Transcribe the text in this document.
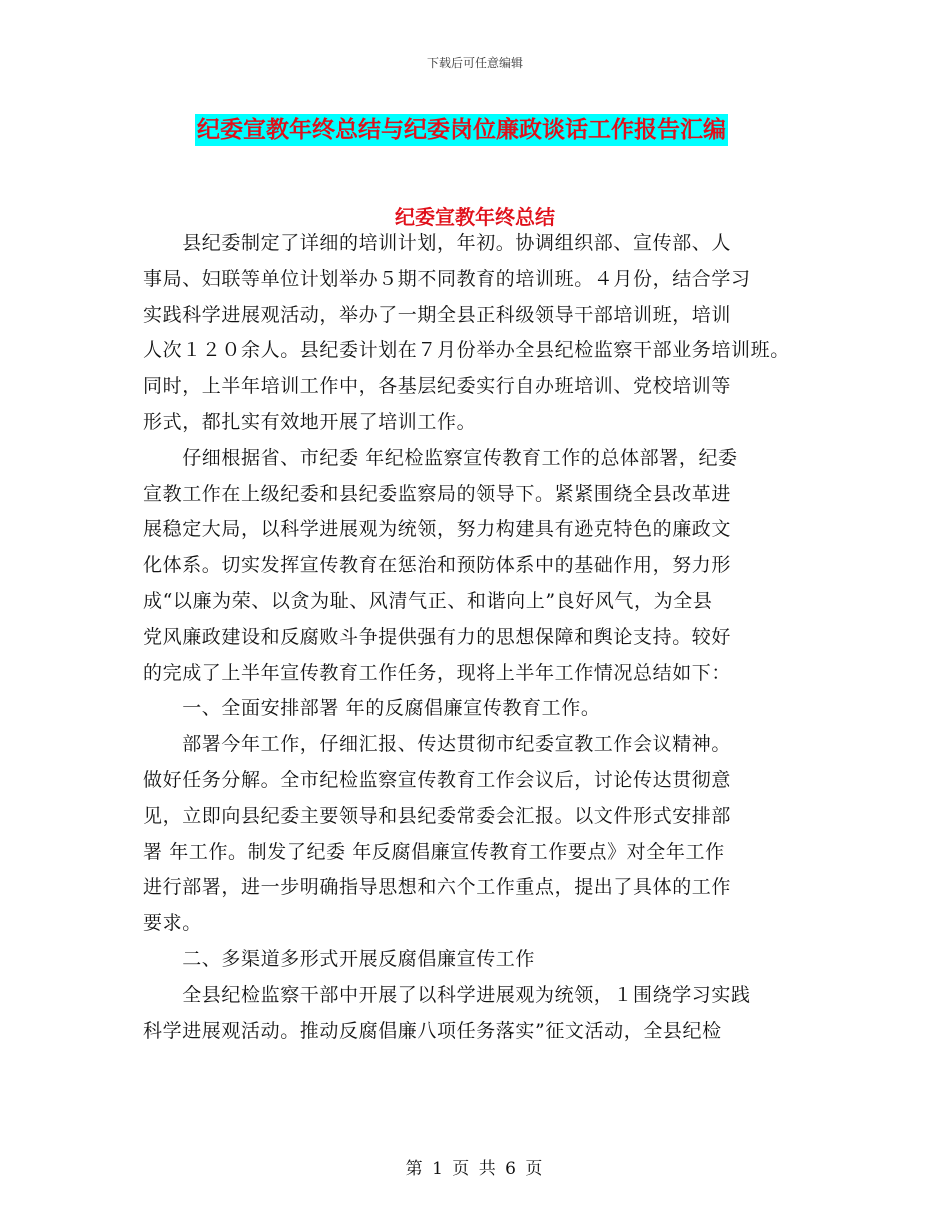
下载后可任意编辑
纪委宣教年终总结与纪委岗位廉政谈话工作报告汇编
纪委宣教年终总结

　　县纪委制定了详细的培训计划，年初。协调组织部、宣传部、人

事局、妇联等单位计划举办５期不同教育的培训班。４月份，结合学习

实践科学进展观活动，举办了一期全县正科级领导干部培训班，培训

人次１２０余人。县纪委计划在７月份举办全县纪检监察干部业务培训班。

同时，上半年培训工作中，各基层纪委实行自办班培训、党校培训等

形式，都扎实有效地开展了培训工作。

　　仔细根据省、市纪委 年纪检监察宣传教育工作的总体部署，纪委

宣教工作在上级纪委和县纪委监察局的领导下。紧紧围绕全县改革进

展稳定大局，以科学进展观为统领，努力构建具有逊克特色的廉政文

化体系。切实发挥宣传教育在惩治和预防体系中的基础作用，努力形

成“以廉为荣、以贪为耻、风清气正、和谐向上”良好风气，为全县

党风廉政建设和反腐败斗争提供强有力的思想保障和舆论支持。较好

的完成了上半年宣传教育工作任务，现将上半年工作情况总结如下：

　　一、全面安排部署 年的反腐倡廉宣传教育工作。

　　部署今年工作，仔细汇报、传达贯彻市纪委宣教工作会议精神。

做好任务分解。全市纪检监察宣传教育工作会议后，讨论传达贯彻意

见，立即向县纪委主要领导和县纪委常委会汇报。以文件形式安排部

署 年工作。制发了纪委 年反腐倡廉宣传教育工作要点》对全年工作

进行部署，进一步明确指导思想和六个工作重点，提出了具体的工作

要求。

　　二、多渠道多形式开展反腐倡廉宣传工作

　　全县纪检监察干部中开展了以科学进展观为统领，１围绕学习实践

科学进展观活动。推动反腐倡廉八项任务落实”征文活动，全县纪检

第 1 页 共 6 页
